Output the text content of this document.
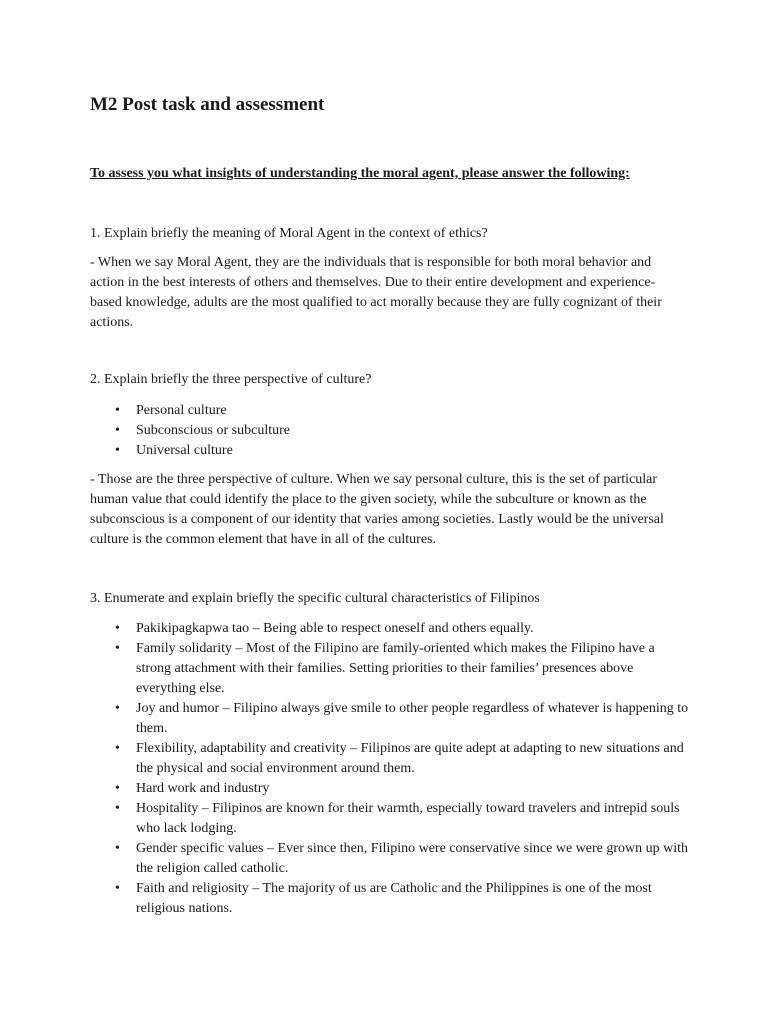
M2 Post task and assessment

To assess you what insights of understanding the moral agent, please answer the following:

1. Explain briefly the meaning of Moral Agent in the context of ethics?

- When we say Moral Agent, they are the individuals that is responsible for both moral behavior and action in the best interests of others and themselves. Due to their entire development and experience-based knowledge, adults are the most qualified to act morally because they are fully cognizant of their actions.

2. Explain briefly the three perspective of culture?

• Personal culture
• Subconscious or subculture
• Universal culture

- Those are the three perspective of culture. When we say personal culture, this is the set of particular human value that could identify the place to the given society, while the subculture or known as the subconscious is a component of our identity that varies among societies. Lastly would be the universal culture is the common element that have in all of the cultures.

3. Enumerate and explain briefly the specific cultural characteristics of Filipinos

• Pakikipagkapwa tao – Being able to respect oneself and others equally.
• Family solidarity – Most of the Filipino are family-oriented which makes the Filipino have a strong attachment with their families. Setting priorities to their families’ presences above everything else.
• Joy and humor – Filipino always give smile to other people regardless of whatever is happening to them.
• Flexibility, adaptability and creativity – Filipinos are quite adept at adapting to new situations and the physical and social environment around them.
• Hard work and industry
• Hospitality – Filipinos are known for their warmth, especially toward travelers and intrepid souls who lack lodging.
• Gender specific values – Ever since then, Filipino were conservative since we were grown up with the religion called catholic.
• Faith and religiosity – The majority of us are Catholic and the Philippines is one of the most religious nations.
